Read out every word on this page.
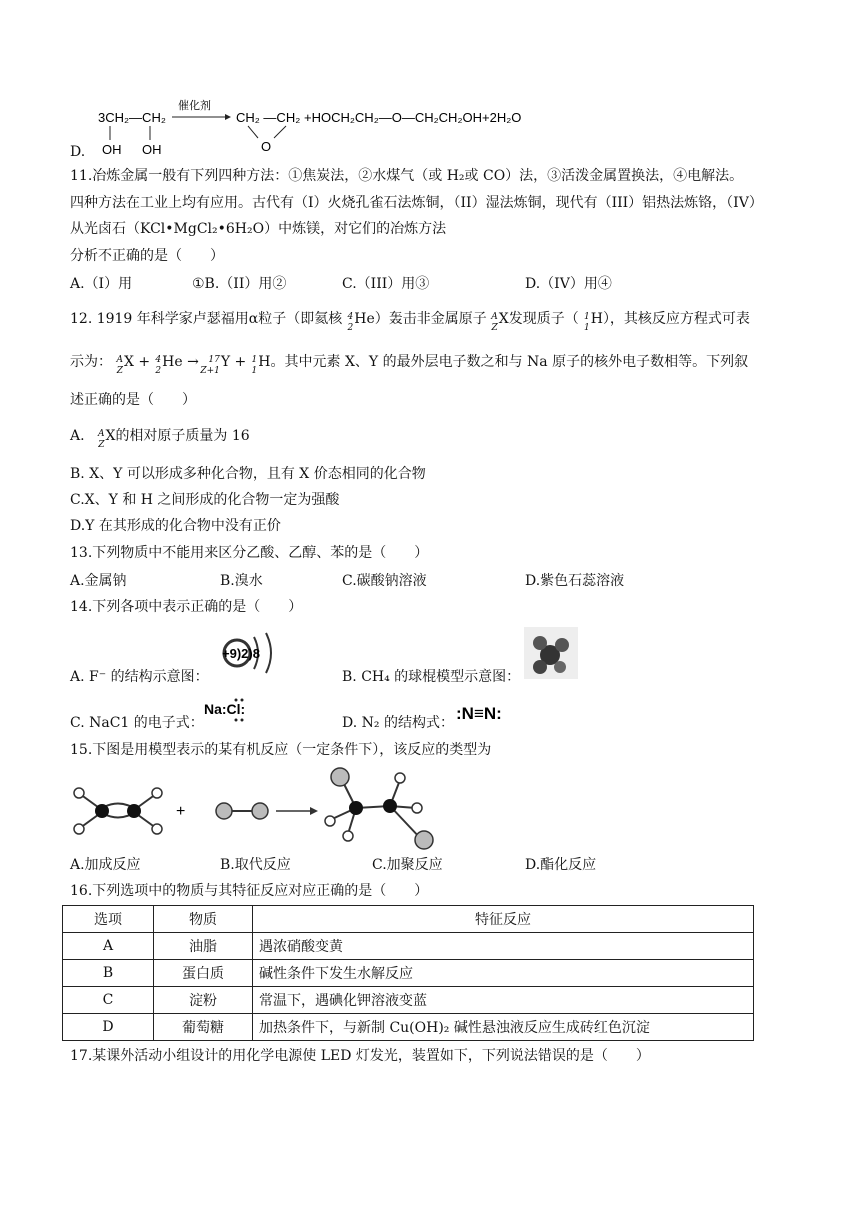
D.
3CH₂—CH₂
OH OH
催化剂
CH₂ —CH₂
O
+HOCH₂CH₂—O—CH₂CH₂OH+2H₂O
11.冶炼金属一般有下列四种方法：①焦炭法，②水煤气（或 H₂或 CO）法，③活泼金属置换法，④电解法。
四种方法在工业上均有应用。古代有（I）火烧孔雀石法炼铜，（II）湿法炼铜，现代有（III）铝热法炼铬，（IV）
从光卤石（KCl•MgCl₂•6H₂O）中炼镁，对它们的冶炼方法
分析不正确的是（　　）
A.（I）用	①B.（II）用②	C.（III）用③	D.（IV）用④
12. 1919 年科学家卢瑟福用α粒子（即氦核 4
2
He）轰击非金属原子 A
Z
X发现质子（ 1
1
H），其核反应方程式可表
示为： A
Z
X + 4
2
He → 17
Z+1
Y + 1
1
H。其中元素 X、Y 的最外层电子数之和与 Na 原子的核外电子数相等。下列叙
述正确的是（　　）
A. A
Z
X的相对原子质量为 16
B. X、Y 可以形成多种化合物，且有 X 价态相同的化合物
C.X、Y 和 H 之间形成的化合物一定为强酸
D.Y 在其形成的化合物中没有正价
13.下列物质中不能用来区分乙酸、乙醇、苯的是（　　）
A.金属钠	B.溴水	C.碳酸钠溶液	D.紫色石蕊溶液
14.下列各项中表示正确的是（　　）
A. F⁻ 的结构示意图：
+9)2)8
B. CH₄ 的球棍模型示意图：
C. NaC1 的电子式：
Na:Cl:
D. N₂ 的结构式： :N≡N:
15.下图是用模型表示的某有机反应（一定条件下），该反应的类型为
+
A.加成反应	B.取代反应	C.加聚反应	D.酯化反应
16.下列选项中的物质与其特征反应对应正确的是（　　）
选项	物质	特征反应
A	油脂	遇浓硝酸变黄
B	蛋白质	碱性条件下发生水解反应
C	淀粉	常温下，遇碘化钾溶液变蓝
D	葡萄糖	加热条件下，与新制 Cu(OH)₂ 碱性悬浊液反应生成砖红色沉淀
17.某课外活动小组设计的用化学电源使 LED 灯发光，装置如下，下列说法错误的是（　　）
